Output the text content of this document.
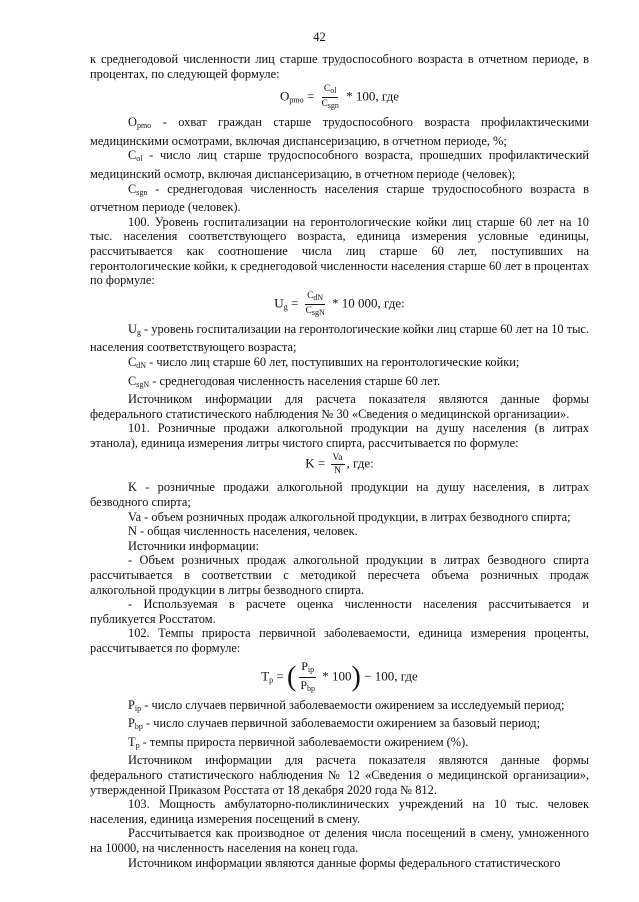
42

к среднегодовой численности лиц старше трудоспособного возраста в отчетном периоде, в процентах, по следующей формуле:

$O_{pmo} = \frac{C_{ol}}{C_{sgn}} * 100$, где

$O_{pmo}$ - охват граждан старше трудоспособного возраста профилактическими медицинскими осмотрами, включая диспансеризацию, в отчетном периоде, %;

$C_{ol}$ - число лиц старше трудоспособного возраста, прошедших профилактический медицинский осмотр, включая диспансеризацию, в отчетном периоде (человек);

$C_{sgn}$ - среднегодовая численность населения старше трудоспособного возраста в отчетном периоде (человек).

100. Уровень госпитализации на геронтологические койки лиц старше 60 лет на 10 тыс. населения соответствующего возраста, единица измерения условные единицы, рассчитывается как соотношение числа лиц старше 60 лет, поступивших на геронтологические койки, к среднегодовой численности населения старше 60 лет в процентах по формуле:

$U_g = \frac{C_{dN}}{C_{sgN}} * 10$ 000, где:

$U_g$ - уровень госпитализации на геронтологические койки лиц старше 60 лет на 10 тыс. населения соответствующего возраста;

$C_{dN}$ - число лиц старше 60 лет, поступивших на геронтологические койки;

$C_{sgN}$ - среднегодовая численность населения старше 60 лет.

Источником информации для расчета показателя являются данные формы федерального статистического наблюдения № 30 «Сведения о медицинской организации».

101. Розничные продажи алкогольной продукции на душу населения (в литрах этанола), единица измерения литры чистого спирта, рассчитывается по формуле:

$K = \frac{Va}{N}$ , где:

K - розничные продажи алкогольной продукции на душу населения, в литрах безводного спирта;

Va - объем розничных продаж алкогольной продукции, в литрах безводного спирта;

N - общая численность населения, человек.

Источники информации:

- Объем розничных продаж алкогольной продукции в литрах безводного спирта рассчитывается в соответствии с методикой пересчета объема розничных продаж алкогольной продукции в литры безводного спирта.

- Используемая в расчете оценка численности населения рассчитывается и публикуется Росстатом.

102. Темпы прироста первичной заболеваемости, единица измерения проценты, рассчитывается по формуле:

$T_p$ = ( $\frac{P_{ip}}{P_{bp}} * 100) - 100$, где

$P_{ip}$ - число случаев первичной заболеваемости ожирением за исследуемый период;

$P_{bp}$ - число случаев первичной заболеваемости ожирением за базовый период;

$T_p$ - темпы прироста первичной заболеваемости ожирением (%).

Источником информации для расчета показателя являются данные формы федерального статистического наблюдения № 12 «Сведения о медицинской организации», утвержденной Приказом Росстата от 18 декабря 2020 года № 812.

103. Мощность амбулаторно-поликлинических учреждений на 10 тыс. человек населения, единица измерения посещений в смену.

Рассчитывается как производное от деления числа посещений в смену, умноженного на 10000, на численность населения на конец года.

Источником информации являются данные формы федерального статистического
